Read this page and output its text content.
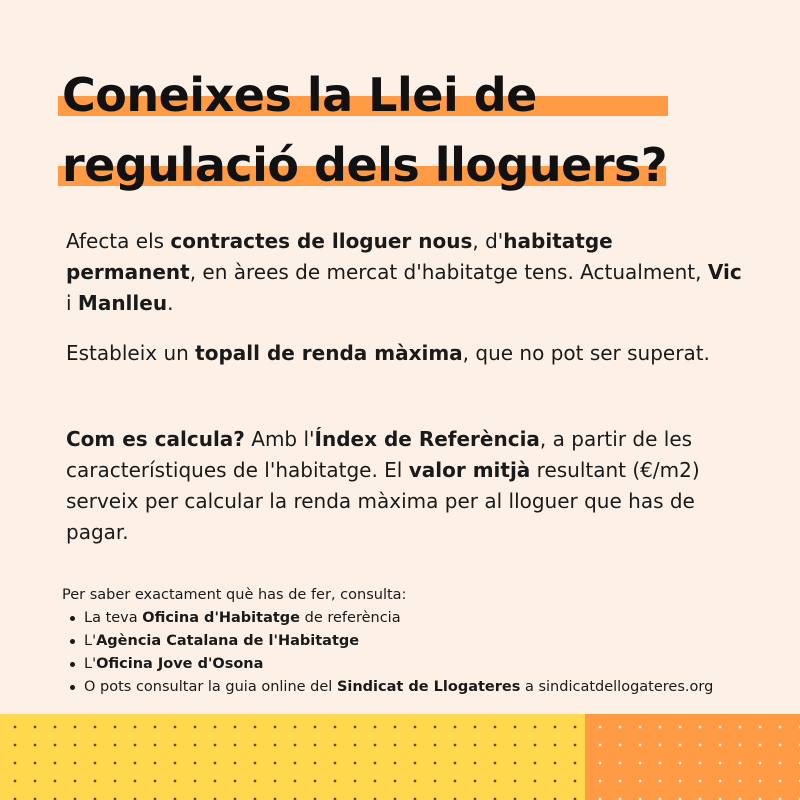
Coneixes la Llei de
regulació dels lloguers?

Afecta els contractes de lloguer nous, d'habitatge permanent, en àrees de mercat d'habitatge tens. Actualment, Vic i Manlleu.

Estableix un topall de renda màxima, que no pot ser superat.

Com es calcula? Amb l'Índex de Referència, a partir de les característiques de l'habitatge. El valor mitjà resultant (€/m2) serveix per calcular la renda màxima per al lloguer que has de pagar.

Per saber exactament què has de fer, consulta:
La teva Oficina d'Habitatge de referència
L'Agència Catalana de l'Habitatge
L'Oficina Jove d'Osona
O pots consultar la guia online del Sindicat de Llogateres a sindicatdellogateres.org
